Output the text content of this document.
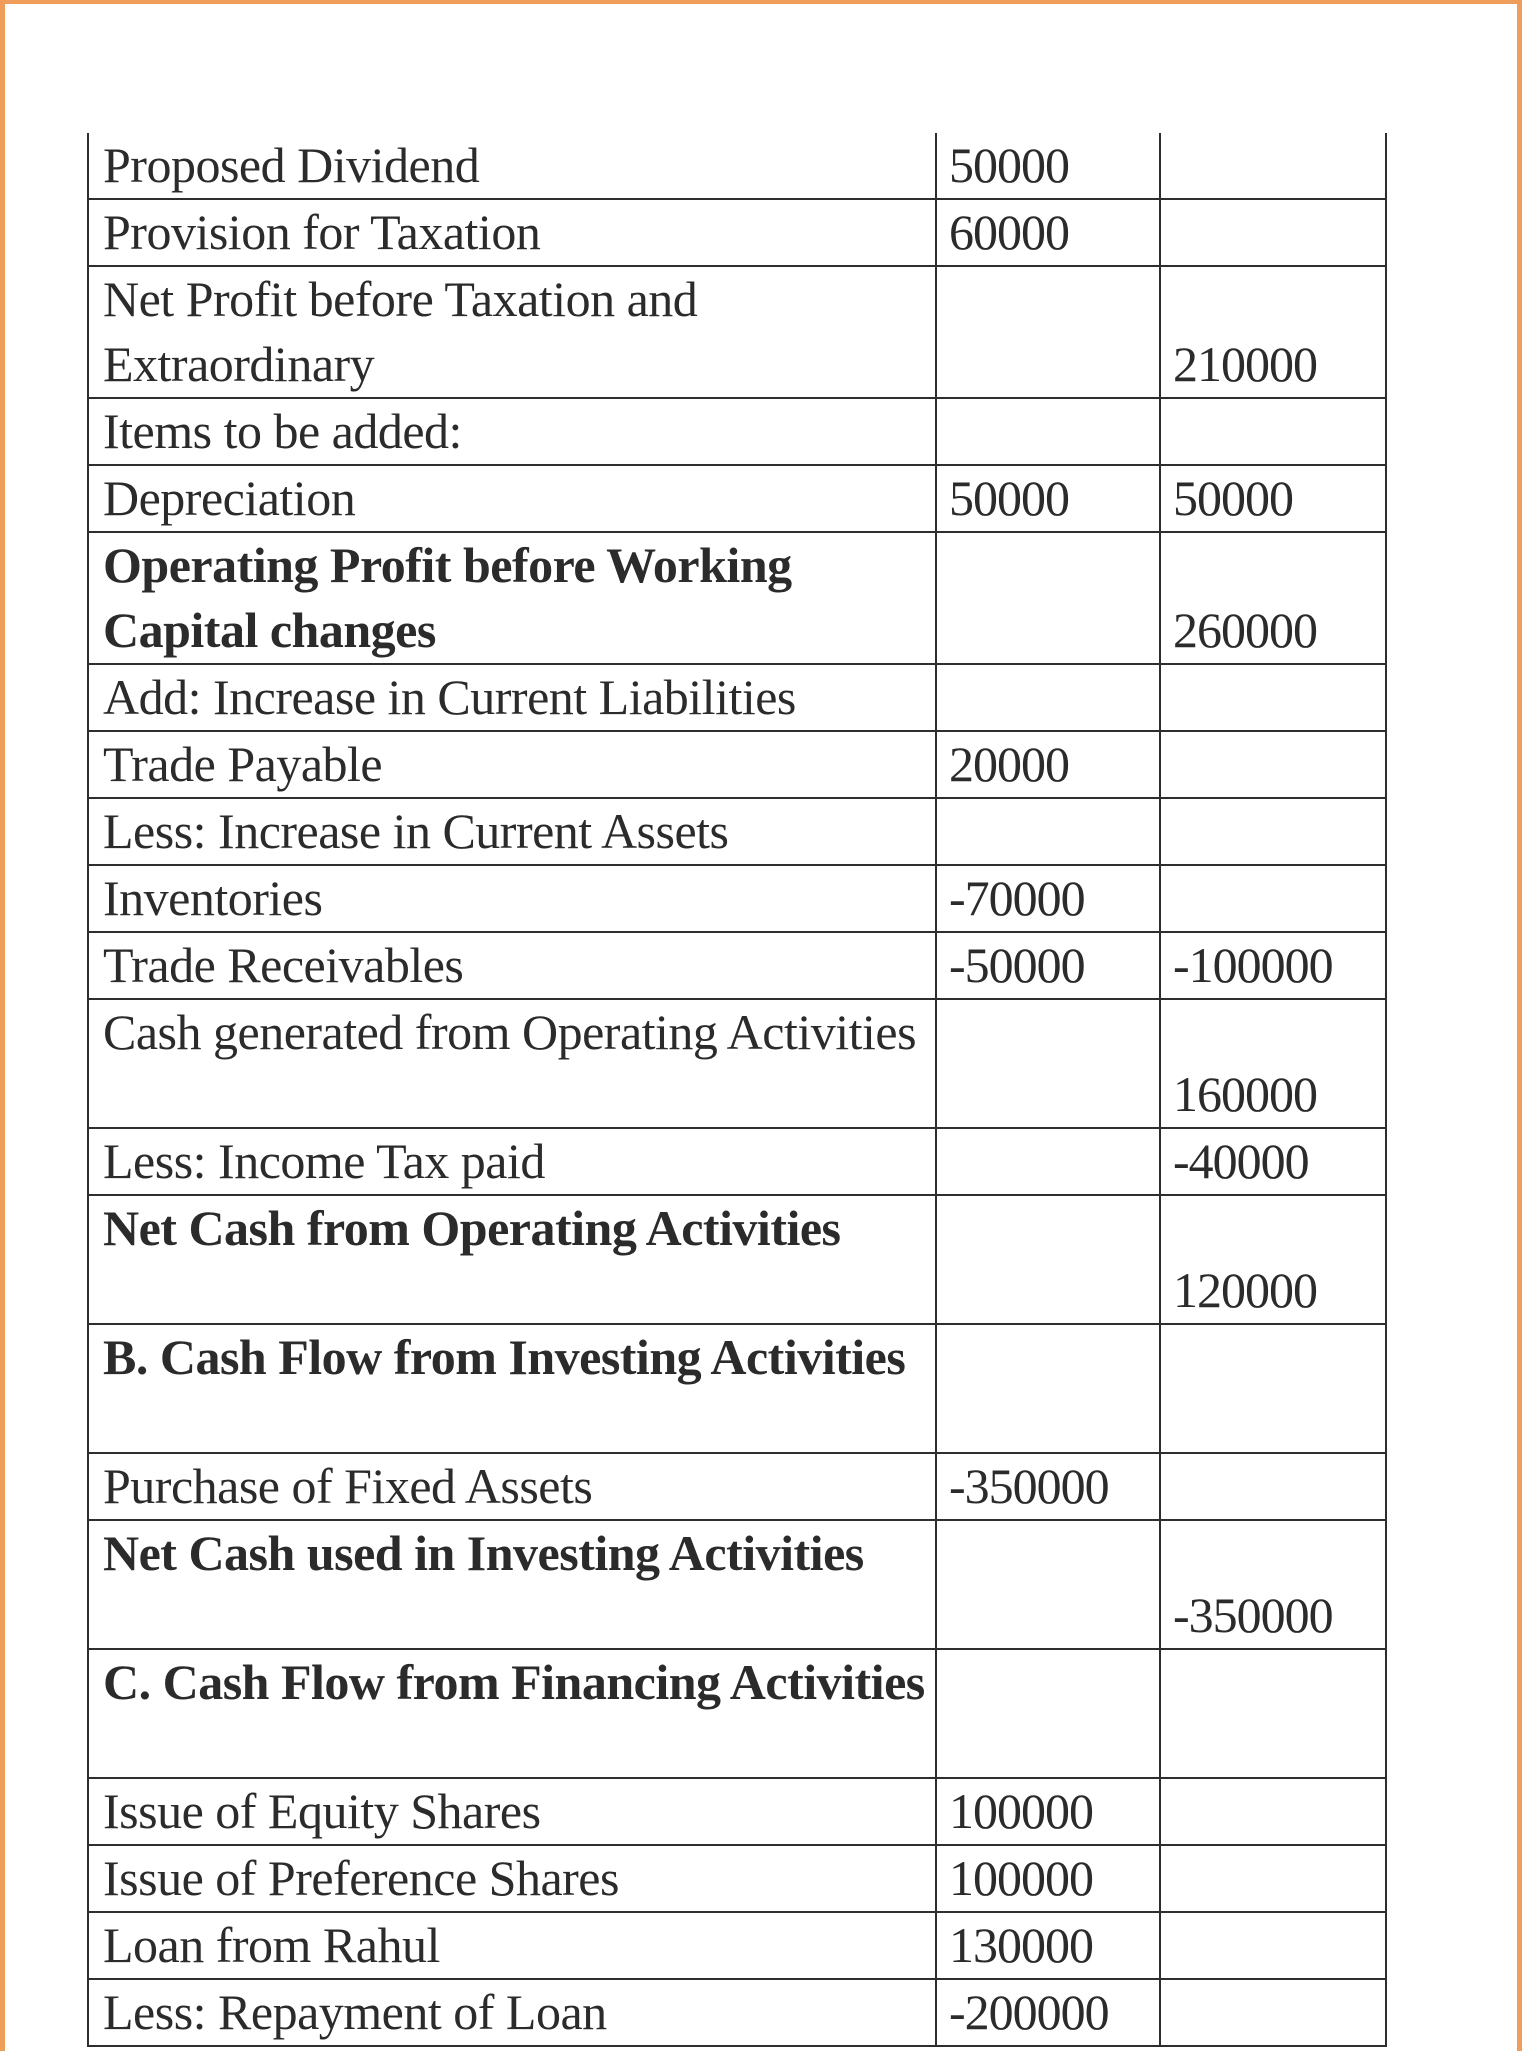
Proposed Dividend	50000	
Provision for Taxation	60000	
Net Profit before Taxation and Extraordinary		210000
Items to be added:		
Depreciation	50000	50000
Operating Profit before Working Capital changes		260000
Add: Increase in Current Liabilities		
Trade Payable	20000	
Less: Increase in Current Assets		
Inventories	-70000	
Trade Receivables	-50000	-100000
Cash generated from Operating Activities		160000
Less: Income Tax paid		-40000
Net Cash from Operating Activities		120000
B. Cash Flow from Investing Activities		
Purchase of Fixed Assets	-350000	
Net Cash used in Investing Activities		-350000
C. Cash Flow from Financing Activities		
Issue of Equity Shares	100000	
Issue of Preference Shares	100000	
Loan from Rahul	130000	
Less: Repayment of Loan	-200000	
